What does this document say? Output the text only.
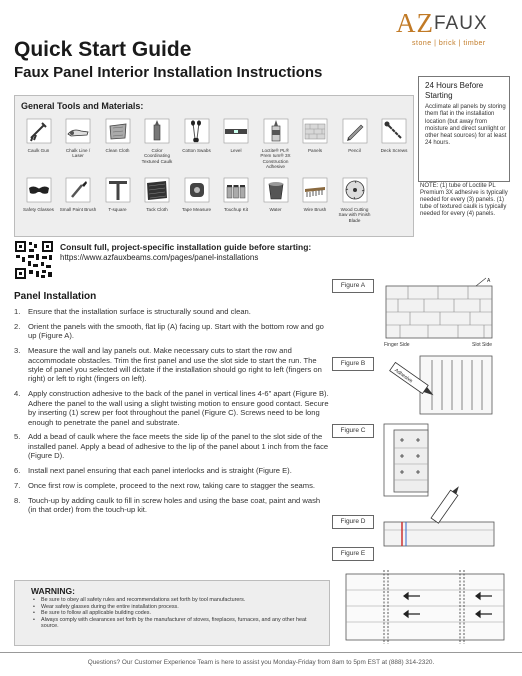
Quick Start Guide
Faux Panel Interior Installation Instructions
AZFAUX
stone | brick | timber
24 Hours Before Starting
Acclimate all panels by storing them flat in the installation location (but away from moisture and direct sunlight or other heat sources) for at least 24 hours.
General Tools and Materials:
Caulk Gun	Chalk Line / Laser
Clean Cloth	Color Coordinating Textured Caulk
Cotton Swabs	Level	Loctite® PL® Prem Ium® 3X Construction Adhesive
Panels	Pencil	Deck Screws
Safety Glasses	Small Paint Brush	T-square	Tack Cloth	Tape Measure	Touchup Kit	Water	Wire Brush	Wood Cutting Saw with Finish Blade
NOTE: (1) tube of Loctite PL Premium 3X adhesive is typically needed for every (3) panels. (1) tube of textured caulk is typically needed for every (4) panels.
Consult full, project-specific installation guide before starting:
https://www.azfauxbeams.com/pages/panel-installations
Panel Installation
1. Ensure that the installation surface is structurally sound and clean.
2. Orient the panels with the smooth, flat lip (A) facing up. Start with the bottom row and go up (Figure A).
3. Measure the wall and lay panels out. Make necessary cuts to start the row and accommodate obstacles. Trim the first panel and use the slot side to start the run. The style of panel you selected will dictate if the installation should go right to left (fingers on right) or left to right (fingers on left).
4. Apply construction adhesive to the back of the panel in vertical lines 4-6" apart (Figure B). Adhere the panel to the wall using a slight twisting motion to ensure good contact. Secure by inserting (1) screw per foot throughout the panel (Figure C). Screws need to be long enough to penetrate the panel and substrate.
5. Add a bead of caulk where the face meets the side lip of the panel to the slot side of the installed panel. Apply a bead of adhesive to the lip of the panel about 1 inch from the face (Figure D).
6. Install next panel ensuring that each panel interlocks and is straight (Figure E).
7. Once first row is complete, proceed to the next row, taking care to stagger the seams.
8. Touch-up by adding caulk to fill in screw holes and using the base coat, paint and wash (in that order) from the touch-up kit.
Figure A
A
Finger Side	Slot Side
Figure B
Adhesive
Figure C
Figure D
Figure E
WARNING:
• Be sure to obey all safety rules and recommendations set forth by tool manufacturers.
• Wear safety glasses during the entire installation process.
• Be sure to follow all applicable building codes.
• Always comply with clearances set forth by the manufacturer of stoves, fireplaces, furnaces, and any other heat source.
Questions? Our Customer Experience Team is here to assist you Monday-Friday from 8am to 5pm EST at (888) 314-2320.
